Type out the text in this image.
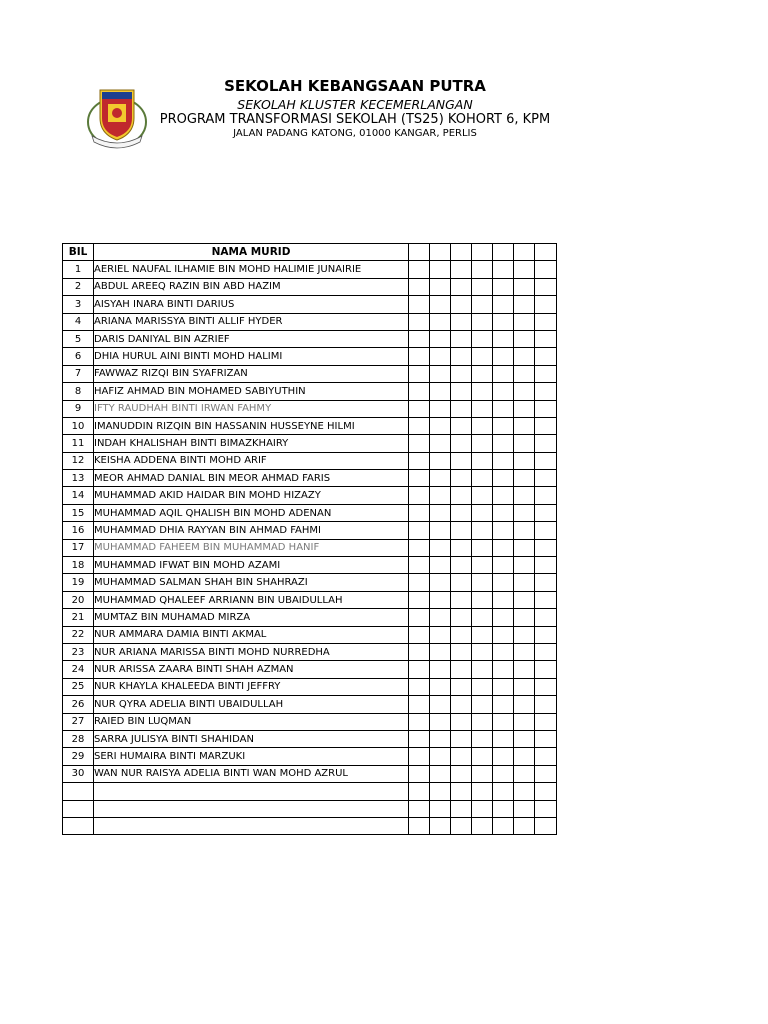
SEKOLAH KEBANGSAAN PUTRA
SEKOLAH KLUSTER KECEMERLANGAN
PROGRAM TRANSFORMASI SEKOLAH (TS25) KOHORT 6, KPM
JALAN PADANG KATONG, 01000 KANGAR, PERLIS
BIL	NAMA MURID							
1	AERIEL NAUFAL ILHAMIE BIN MOHD HALIMIE JUNAIRIE							
2	ABDUL AREEQ RAZIN BIN ABD HAZIM							
3	AISYAH INARA BINTI DARIUS							
4	ARIANA MARISSYA BINTI ALLIF HYDER							
5	DARIS DANIYAL BIN AZRIEF							
6	DHIA HURUL AINI BINTI MOHD HALIMI							
7	FAWWAZ RIZQI BIN SYAFRIZAN							
8	HAFIZ AHMAD BIN MOHAMED SABIYUTHIN							
9	IFTY RAUDHAH BINTI IRWAN FAHMY							
10	IMANUDDIN RIZQIN BIN HASSANIN HUSSEYNE HILMI							
11	INDAH KHALISHAH BINTI BIMAZKHAIRY							
12	KEISHA ADDENA BINTI MOHD ARIF							
13	MEOR AHMAD DANIAL BIN MEOR AHMAD FARIS							
14	MUHAMMAD AKID HAIDAR BIN MOHD HIZAZY							
15	MUHAMMAD AQIL QHALISH BIN MOHD ADENAN							
16	MUHAMMAD DHIA RAYYAN BIN AHMAD FAHMI							
17	MUHAMMAD FAHEEM BIN MUHAMMAD HANIF							
18	MUHAMMAD IFWAT BIN MOHD AZAMI							
19	MUHAMMAD SALMAN SHAH BIN SHAHRAZI							
20	MUHAMMAD QHALEEF ARRIANN BIN UBAIDULLAH							
21	MUMTAZ BIN MUHAMAD MIRZA							
22	NUR AMMARA DAMIA BINTI AKMAL							
23	NUR ARIANA MARISSA BINTI MOHD NURREDHA							
24	NUR ARISSA ZAARA BINTI SHAH AZMAN							
25	NUR KHAYLA KHALEEDA BINTI JEFFRY							
26	NUR QYRA ADELIA BINTI UBAIDULLAH							
27	RAIED BIN LUQMAN							
28	SARRA JULISYA BINTI SHAHIDAN							
29	SERI HUMAIRA BINTI MARZUKI							
30	WAN NUR RAISYA ADELIA BINTI WAN MOHD AZRUL							
